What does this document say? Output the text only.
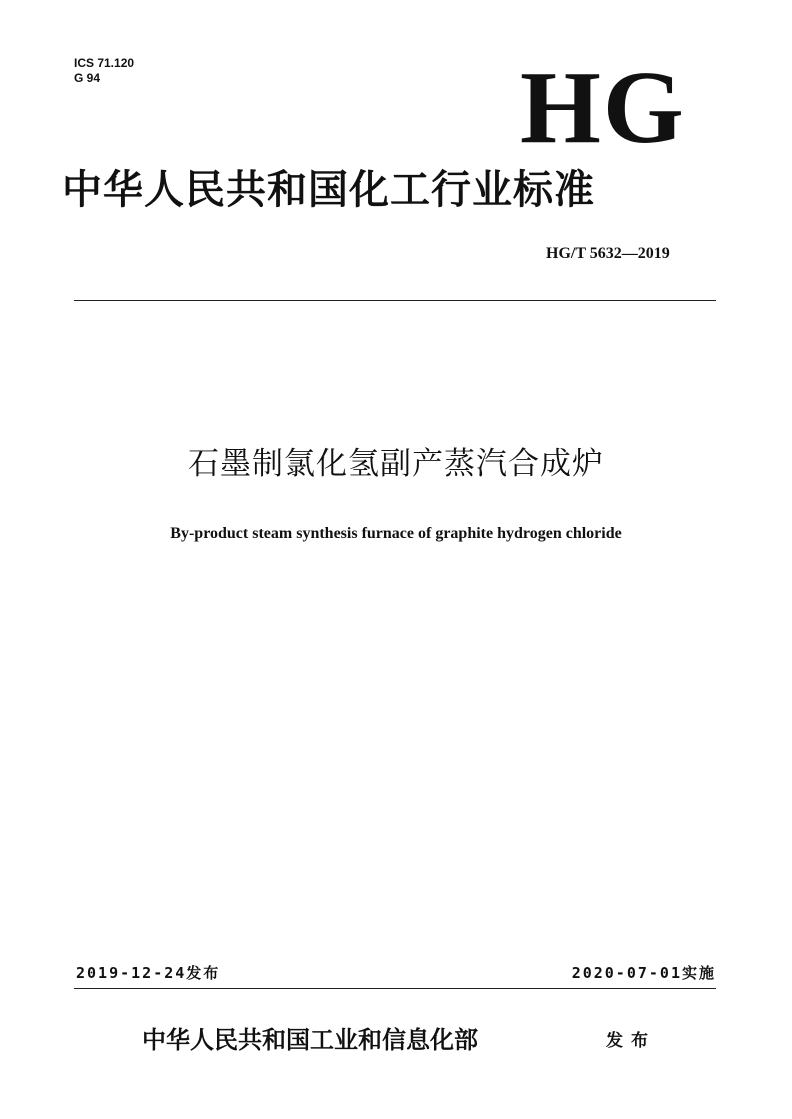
ICS 71.120
G 94	HG
中华人民共和国化工行业标准
HG/T 5632—2019
石墨制氯化氢副产蒸汽合成炉
By-product steam synthesis furnace of graphite hydrogen chloride
2019-12-24发布	2020-07-01实施
中华人民共和国工业和信息化部	发布
